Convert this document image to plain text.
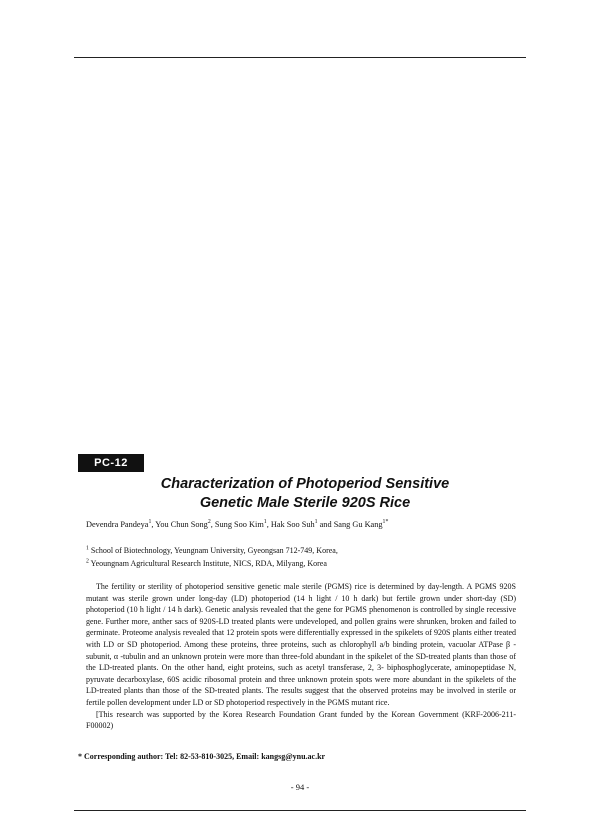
PC-12
Characterization of Photoperiod Sensitive
Genetic Male Sterile 920S Rice
Devendra Pandeya$^1$, You Chun Song$^2$, Sung Soo Kim$^1$, Hak Soo Suh$^1$ and Sang Gu Kang$^{1*}$
$^1$ School of Biotechnology, Yeungnam University, Gyeongsan 712-749, Korea,
$^2$ Yeoungnam Agricultural Research Institute, NICS, RDA, Milyang, Korea

The fertility or sterility of photoperiod sensitive genetic male sterile (PGMS) rice is determined by day-length. A PGMS 920S mutant was sterile grown under long-day (LD) photoperiod (14 h light / 10 h dark) but fertile grown under short-day (SD) photoperiod (10 h light / 14 h dark). Genetic analysis revealed that the gene for PGMS phenomenon is controlled by single recessive gene. Further more, anther sacs of 920S-LD treated plants were undeveloped, and pollen grains were shrunken, broken and failed to germinate. Proteome analysis revealed that 12 protein spots were differentially expressed in the spikelets of 920S plants either treated with LD or SD photoperiod. Among these proteins, three proteins, such as chlorophyll a/b binding protein, vacuolar ATPase β -subunit, α -tubulin and an unknown protein were more than three-fold abundant in the spikelet of the SD-treated plants than those of the LD-treated plants. On the other hand, eight proteins, such as acetyl transferase, 2, 3- biphosphoglycerate, aminopeptidase N, pyruvate decarboxylase, 60S acidic ribosomal protein and three unknown protein spots were more abundant in the spikelets of the LD-treated plants than those of the SD-treated plants. The results suggest that the observed proteins may be involved in sterile or fertile pollen development under LD or SD photoperiod respectively in the PGMS mutant rice.

[This research was supported by the Korea Research Foundation Grant funded by the Korean Government (KRF-2006-211-F00002)

* Corresponding author: Tel: 82-53-810-3025, Email: kangsg@ynu.ac.kr
- 94 -
